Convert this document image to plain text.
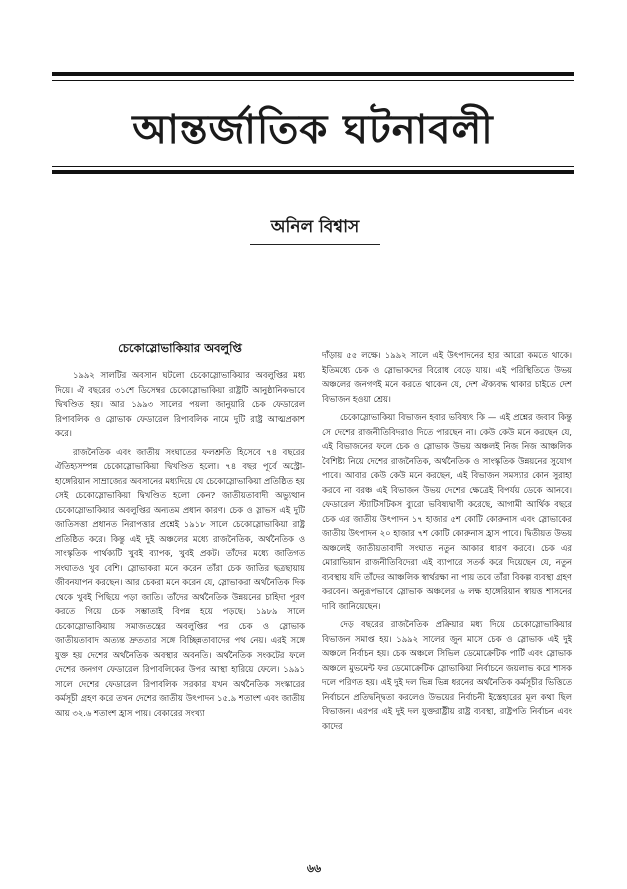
আন্তর্জাতিক ঘটনাবলী
অনিল বিশ্বাস
চেকোস্লোভাকিয়ার অবলুপ্তি

১৯৯২ সালটির অবসান ঘটলো চেকোস্লোভাকিয়ার অবলুপ্তির মধ্য দিয়ে। ঐ বছরের ৩১শে ডিসেম্বর চেকোস্লোভাকিয়া রাষ্ট্রটি আনুষ্ঠানিকভাবে দ্বিখণ্ডিত হয়। আর ১৯৯৩ সালের পয়লা জানুয়ারি চেক ফেডারেল রিপাবলিক ও স্লোভাক ফেডারেল রিপাবলিক নামে দুটি রাষ্ট্র আত্মপ্রকাশ করে।

রাজনৈতিক এবং জাতীয় সংঘাতের ফলশ্রুতি হিসেবে ৭৪ বছরের ঐতিহ্যসম্পন্ন চেকোস্লোভাকিয়া দ্বিখণ্ডিত হলো। ৭৪ বছর পূর্বে অস্ট্রো-হাঙ্গেরিয়ান সাম্রাজ্যের অবসানের মধ্যদিয়ে যে চেকোস্লোভাকিয়া প্রতিষ্ঠিত হয় সেই চেকোস্লোভাকিয়া দ্বিখণ্ডিত হলো কেন? জাতীয়তাবাদী অভ্যুত্থান চেকোস্লোভাকিয়ার অবলুপ্তির অন্যতম প্রধান কারণ। চেক ও স্লাভস এই দুটি জাতিসত্তা প্রধানত নিরাপত্তার প্রশ্নেই ১৯১৮ সালে চেকোস্লোভাকিয়া রাষ্ট্র প্রতিষ্ঠিত করে। কিন্তু এই দুই অঞ্চলের মধ্যে রাজনৈতিক, অর্থনৈতিক ও সাংস্কৃতিক পার্থক্যটি খুবই ব্যাপক, খুবই প্রকট। তাঁদের মধ্যে জাতিগত সংঘাতও খুব বেশি। স্লোভাকরা মনে করেন তাঁরা চেক জাতির ছত্রছায়ায় জীবনযাপন করছেন। আর চেকরা মনে করেন যে, স্লোভাকরা অর্থনৈতিক দিক থেকে খুবই পিছিয়ে পড়া জাতি। তাঁদের অর্থনৈতিক উন্নয়নের চাহিদা পূরণ করতে গিয়ে চেক সম্ভাতাই বিপন্ন হয়ে পড়ছে। ১৯৮৯ সালে চেকোস্লোভাকিয়ায় সমাজতন্ত্রের অবলুপ্তির পর চেক ও স্লোভাক জাতীয়তাবাদ অত্যন্ত দ্রুততার সঙ্গে বিচ্ছিন্নতাবাদের পথ নেয়। এরই সঙ্গে যুক্ত হয় দেশের অর্থনৈতিক অবস্থার অবনতি। অর্থনৈতিক সংকটের ফলে দেশের জনগণ ফেডারেল রিপাবলিকের উপর আস্থা হারিয়ে ফেলে। ১৯৯১ সালে দেশের ফেডারেল রিপাবলিক সরকার যখন অর্থনৈতিক সংস্কারের কর্মসূচী গ্রহণ করে তখন দেশের জাতীয় উৎপাদন ১৫.৯ শতাংশ এবং জাতীয় আয় ৩২.৬ শতাংশ হ্রাস পায়। বেকারের সংখ্যা

দাঁড়ায় ৫৫ লক্ষে। ১৯৯২ সালে এই উৎপাদনের হার আরো কমতে থাকে। ইতিমধ্যে চেক ও স্লোভাকদের বিরোধ বেড়ে যায়। এই পরিস্থিতিতে উভয় অঞ্চলের জনগণই মনে করতে থাকেন যে, দেশ ঐক্যবদ্ধ থাকার চাইতে দেশ বিভাজন হওয়া শ্রেয়।

চেকোস্লোভাকিয়া বিভাজন হবার ভবিষ্যৎ কি — এই প্রশ্নের জবাব কিন্তু সে দেশের রাজনীতিবিদরাও দিতে পারছেন না। কেউ কেউ মনে করছেন যে, এই বিভাজনের ফলে চেক ও স্লোভাক উভয় অঞ্চলই নিজ নিজ আঞ্চলিক বৈশিষ্ট্য নিয়ে দেশের রাজনৈতিক, অর্থনৈতিক ও সাংস্কৃতিক উন্নয়নের সুযোগ পাবে। আবার কেউ কেউ মনে করছেন, এই বিভাজন সমস্যার কোন সুরাহা করবে না বরঞ্চ এই বিভাজন উভয় দেশের ক্ষেত্রেই বিপর্যয় ডেকে আনবে। ফেডারেল স্ট্যাটিসটিকস ব্যুরো ভবিষ্যদ্বাণী করেছে, আগামী আর্থিক বছরে চেক এর জাতীয় উৎপাদন ১৭ হাজার ৫শ কোটি কোরুনাস এবং স্লোভাকের জাতীয় উৎপাদন ২০ হাজার ৭শ কোটি কোরুনাস হ্রাস পাবে। দ্বিতীয়ত উভয় অঞ্চলেই জাতীয়তাবাদী সংঘাত নতুন আকার ধারণ করবে। চেক এর মোরাভিয়ান রাজনীতিবিদেরা এই ব্যাপারে সতর্ক করে দিয়েছেন যে, নতুন ব্যবস্থায় যদি তাঁদের আঞ্চলিক স্বার্থরক্ষা না পায় তবে তাঁরা বিকল্প ব্যবস্থা গ্রহণ করবেন। অনুরূপভাবে স্লোভাক অঞ্চলের ৬ লক্ষ হাঙ্গেরিয়ান স্বায়ত্ত শাসনের দাবি জানিয়েছেন।

দেড় বছরের রাজনৈতিক প্রক্রিয়ার মধ্য দিয়ে চেকোস্লোভাকিয়ার বিভাজন সমাপ্ত হয়। ১৯৯২ সালের জুন মাসে চেক ও স্লোভাক এই দুই অঞ্চলে নির্বাচন হয়। চেক অঞ্চলে সিভিল ডেমোক্রেটিক পার্টি এবং স্লোভাক অঞ্চলে মুভমেন্ট ফর ডেমোক্রেটিক স্লোভাকিয়া নির্বাচনে জয়লাভ করে শাসক দলে পরিণত হয়। এই দুই দল ভিন্ন ভিন্ন ধরনের অর্থনৈতিক কর্মসূচীর ভিত্তিতে নির্বাচনে প্রতিদ্বন্দ্বিতা করলেও উভয়ের নির্বাচনী ইস্তেহারের মূল কথা ছিল বিভাজন। এরপর এই দুই দল যুক্তরাষ্ট্রীয় রাষ্ট্র ব্যবস্থা, রাষ্ট্রপতি নির্বাচন এবং কাদের

৬৬
